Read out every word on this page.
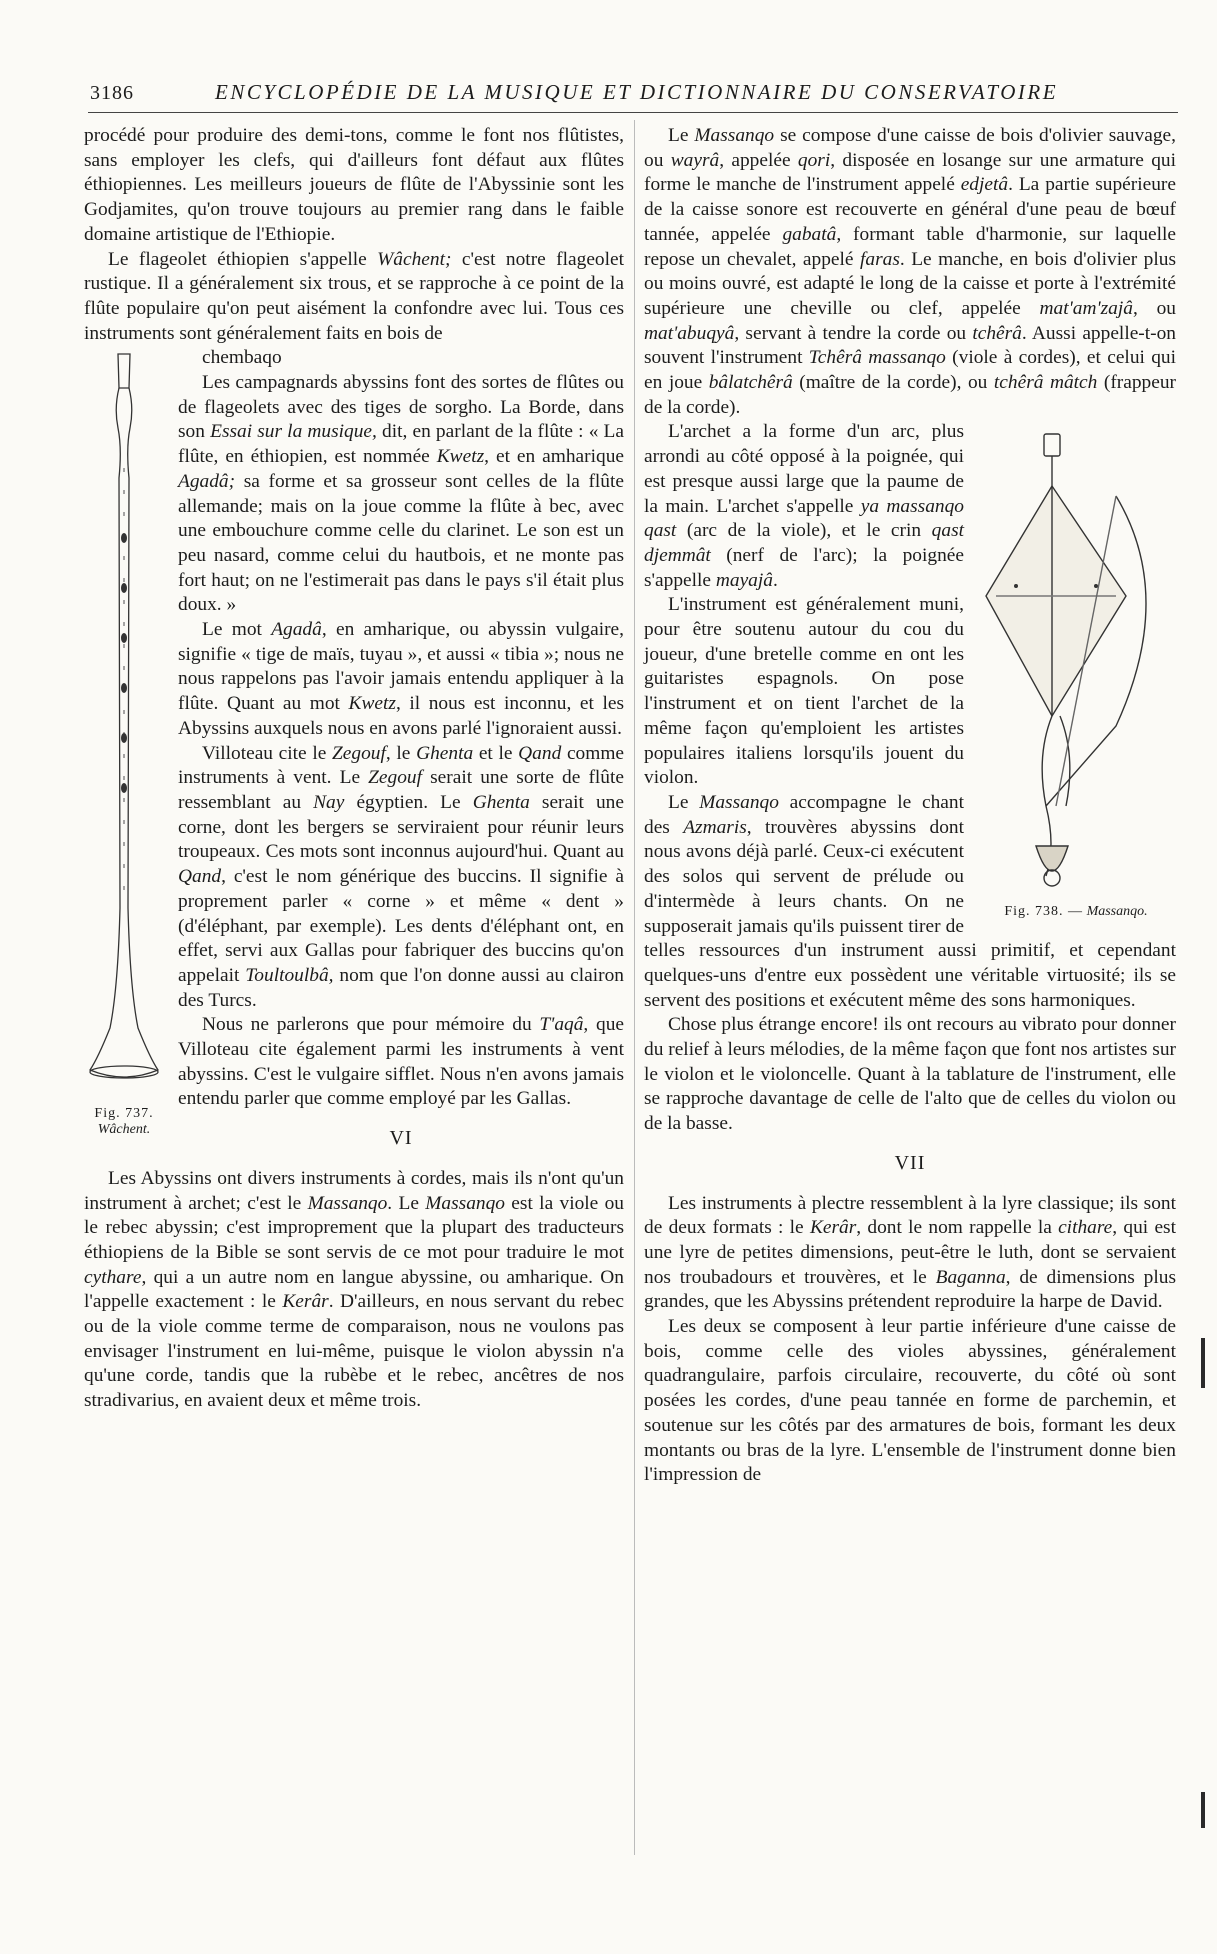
3186	ENCYCLOPÉDIE DE LA MUSIQUE ET DICTIONNAIRE DU CONSERVATOIRE

procédé pour produire des demi-tons, comme le font nos flûtistes, sans employer les clefs, qui d'ailleurs font défaut aux flûtes éthiopiennes. Les meilleurs joueurs de flûte de l'Abyssinie sont les Godjamites, qu'on trouve toujours au premier rang dans le faible domaine artistique de l'Ethiopie.

Le flageolet éthiopien s'appelle Wâchent; c'est notre flageolet rustique. Il a généralement six trous, et se rapproche à ce point de la flûte populaire qu'on peut aisément la confondre avec lui. Tous ces instruments sont généralement faits en bois de

Fig. 737.
Wâchent.

chembaqo

Les campagnards abyssins font des sortes de flûtes ou de flageolets avec des tiges de sorgho. La Borde, dans son Essai sur la musique, dit, en parlant de la flûte : « La flûte, en éthiopien, est nommée Kwetz, et en amharique Agadâ; sa forme et sa grosseur sont celles de la flûte allemande; mais on la joue comme la flûte à bec, avec une embouchure comme celle du clarinet. Le son est un peu nasard, comme celui du hautbois, et ne monte pas fort haut; on ne l'estimerait pas dans le pays s'il était plus doux. »

Le mot Agadâ, en amharique, ou abyssin vulgaire, signifie « tige de maïs, tuyau », et aussi « tibia »; nous ne nous rappelons pas l'avoir jamais entendu appliquer à la flûte. Quant au mot Kwetz, il nous est inconnu, et les Abyssins auxquels nous en avons parlé l'ignoraient aussi.

Villoteau cite le Zegouf, le Ghenta et le Qand comme instruments à vent. Le Zegouf serait une sorte de flûte ressemblant au Nay égyptien. Le Ghenta serait une corne, dont les bergers se serviraient pour réunir leurs troupeaux. Ces mots sont inconnus aujourd'hui. Quant au Qand, c'est le nom générique des buccins. Il signifie à proprement parler « corne » et même « dent » (d'éléphant, par exemple). Les dents d'éléphant ont, en effet, servi aux Gallas pour fabriquer des buccins qu'on appelait Toultoulbâ, nom que l'on donne aussi au clairon des Turcs.

Nous ne parlerons que pour mémoire du T'aqâ, que Villoteau cite également parmi les instruments à vent abyssins. C'est le vulgaire sifflet. Nous n'en avons jamais entendu parler que comme employé par les Gallas.

VI

Les Abyssins ont divers instruments à cordes, mais ils n'ont qu'un instrument à archet; c'est le Massanqo. Le Massanqo est la viole ou le rebec abyssin; c'est improprement que la plupart des traducteurs éthiopiens de la Bible se sont servis de ce mot pour traduire le mot cythare, qui a un autre nom en langue abyssine, ou amharique. On l'appelle exactement : le Kerâr. D'ailleurs, en nous servant du rebec ou de la viole comme terme de comparaison, nous ne voulons pas envisager l'instrument en lui-même, puisque le violon abyssin n'a qu'une corde, tandis que la rubèbe et le rebec, ancêtres de nos stradivarius, en avaient deux et même trois.

Le Massanqo se compose d'une caisse de bois d'olivier sauvage, ou wayrâ, appelée qori, disposée en losange sur une armature qui forme le manche de l'instrument appelé edjetâ. La partie supérieure de la caisse sonore est recouverte en général d'une peau de bœuf tannée, appelée gabatâ, formant table d'harmonie, sur laquelle repose un chevalet, appelé faras. Le manche, en bois d'olivier plus ou moins ouvré, est adapté le long de la caisse et porte à l'extrémité supérieure une cheville ou clef, appelée mat'am'zajâ, ou mat'abuqyâ, servant à tendre la corde ou tchêrâ. Aussi appelle-t-on souvent l'instrument Tchêrâ massanqo (viole à cordes), et celui qui en joue bâlatchêrâ (maître de la corde), ou tchêrâ mâtch (frappeur de la corde).

Fig. 738. — Massanqo.

L'archet a la forme d'un arc, plus arrondi au côté opposé à la poignée, qui est presque aussi large que la paume de la main. L'archet s'appelle ya massanqo qast (arc de la viole), et le crin qast djemmât (nerf de l'arc); la poignée s'appelle mayajâ.

L'instrument est généralement muni, pour être soutenu autour du cou du joueur, d'une bretelle comme en ont les guitaristes espagnols. On pose l'instrument et on tient l'archet de la même façon qu'emploient les artistes populaires italiens lorsqu'ils jouent du violon.

Le Massanqo accompagne le chant des Azmaris, trouvères abyssins dont nous avons déjà parlé. Ceux-ci exécutent des solos qui servent de prélude ou d'intermède à leurs chants. On ne supposerait jamais qu'ils puissent tirer de telles ressources d'un instrument aussi primitif, et cependant quelques-uns d'entre eux possèdent une véritable virtuosité; ils se servent des positions et exécutent même des sons harmoniques.

Chose plus étrange encore! ils ont recours au vibrato pour donner du relief à leurs mélodies, de la même façon que font nos artistes sur le violon et le violoncelle. Quant à la tablature de l'instrument, elle se rapproche davantage de celle de l'alto que de celles du violon ou de la basse.

VII

Les instruments à plectre ressemblent à la lyre classique; ils sont de deux formats : le Kerâr, dont le nom rappelle la cithare, qui est une lyre de petites dimensions, peut-être le luth, dont se servaient nos troubadours et trouvères, et le Baganna, de dimensions plus grandes, que les Abyssins prétendent reproduire la harpe de David.

Les deux se composent à leur partie inférieure d'une caisse de bois, comme celle des violes abyssines, généralement quadrangulaire, parfois circulaire, recouverte, du côté où sont posées les cordes, d'une peau tannée en forme de parchemin, et soutenue sur les côtés par des armatures de bois, formant les deux montants ou bras de la lyre. L'ensemble de l'instrument donne bien l'impression de
